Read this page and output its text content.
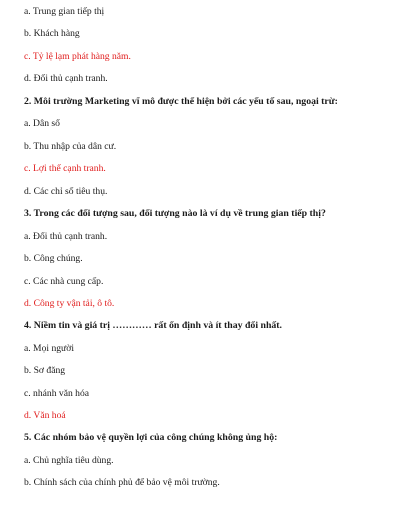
a. Trung gian tiếp thị
b. Khách hàng
c. Tỷ lệ lạm phát hàng năm.
d. Đối thủ cạnh tranh.
2. Môi trường Marketing vĩ mô được thể hiện bởi các yếu tố sau, ngoại trừ:
a. Dân số
b. Thu nhập của dân cư.
c. Lợi thế cạnh tranh.
d. Các chỉ số tiêu thụ.
3. Trong các đối tượng sau, đối tượng nào là ví dụ về trung gian tiếp thị?
a. Đối thủ cạnh tranh.
b. Công chúng.
c. Các nhà cung cấp.
d. Công ty vận tải, ô tô.
4. Niềm tin và giá trị ………… rất ổn định và ít thay đổi nhất.
a. Mọi người
b. Sơ đăng
c. nhánh văn hóa
d. Văn hoá
5. Các nhóm bảo vệ quyền lợi của công chúng không ủng hộ:
a. Chủ nghĩa tiêu dùng.
b. Chính sách của chính phủ để bảo vệ môi trường.
